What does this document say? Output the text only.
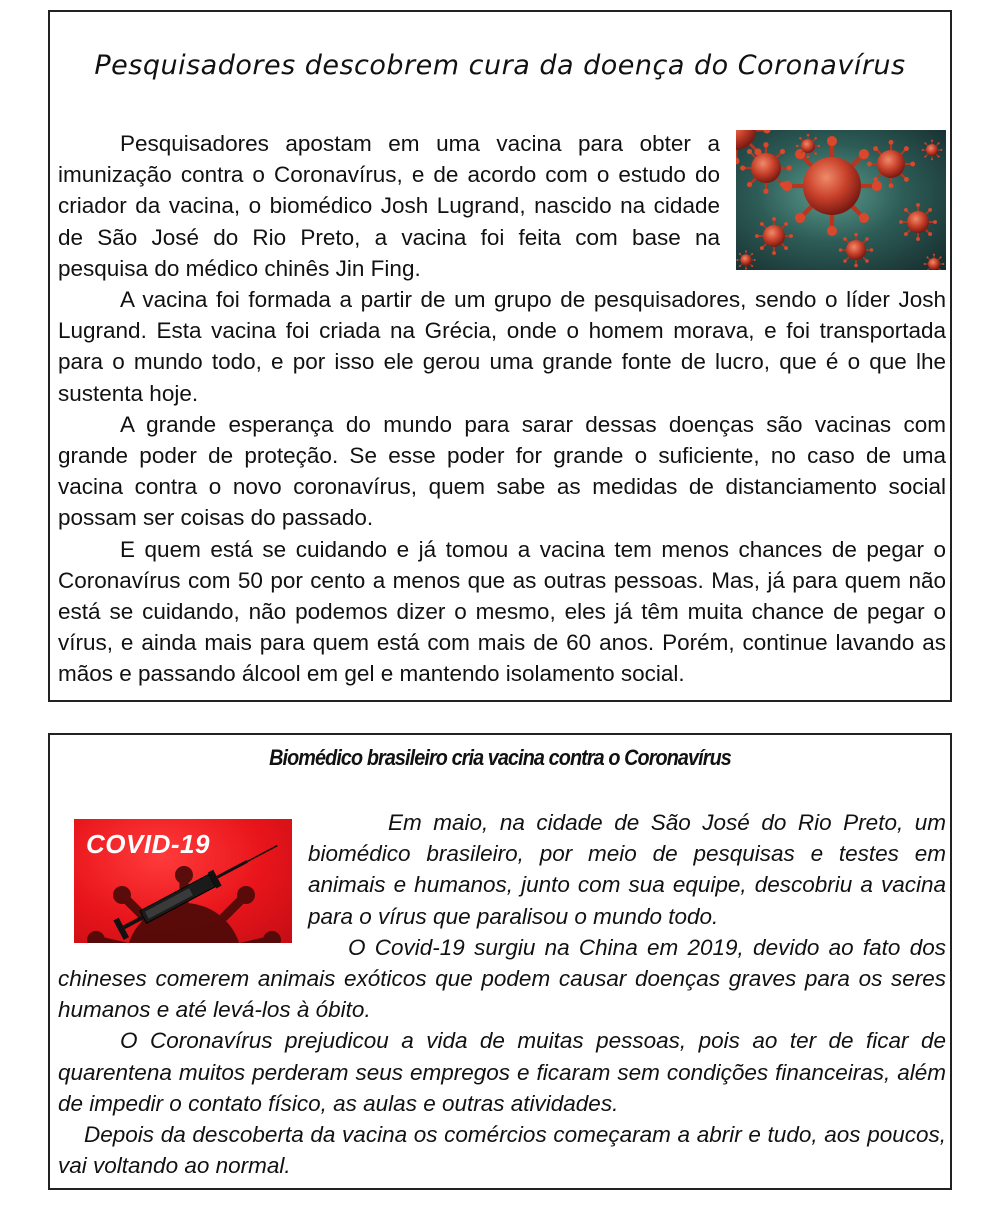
Pesquisadores descobrem cura da doença do Coronavírus

Pesquisadores apostam em uma vacina para obter a imunização contra o Coronavírus, e de acordo com o estudo do criador da vacina, o biomédico Josh Lugrand, nascido na cidade de São José do Rio Preto, a vacina foi feita com base na pesquisa do médico chinês Jin Fing.

A vacina foi formada a partir de um grupo de pesquisadores, sendo o líder Josh Lugrand. Esta vacina foi criada na Grécia, onde o homem morava, e foi transportada para o mundo todo, e por isso ele gerou uma grande fonte de lucro, que é o que lhe sustenta hoje.

A grande esperança do mundo para sarar dessas doenças são vacinas com grande poder de proteção. Se esse poder for grande o suficiente, no caso de uma vacina contra o novo coronavírus, quem sabe as medidas de distanciamento social possam ser coisas do passado.

E quem está se cuidando e já tomou a vacina tem menos chances de pegar o Coronavírus com 50 por cento a menos que as outras pessoas. Mas, já para quem não está se cuidando, não podemos dizer o mesmo, eles já têm muita chance de pegar o vírus, e ainda mais para quem está com mais de 60 anos. Porém, continue lavando as mãos e passando álcool em gel e mantendo isolamento social.

Biomédico brasileiro cria vacina contra o Coronavírus
COVID-19

Em maio, na cidade de São José do Rio Preto, um biomédico brasileiro, por meio de pesquisas e testes em animais e humanos, junto com sua equipe, descobriu a vacina para o vírus que paralisou o mundo todo.

O Covid-19 surgiu na China em 2019, devido ao fato dos chineses comerem animais exóticos que podem causar doenças graves para os seres humanos e até levá-los à óbito.

O Coronavírus prejudicou a vida de muitas pessoas, pois ao ter de ficar de quarentena muitos perderam seus empregos e ficaram sem condições financeiras, além de impedir o contato físico, as aulas e outras atividades.

Depois da descoberta da vacina os comércios começaram a abrir e tudo, aos poucos, vai voltando ao normal.
